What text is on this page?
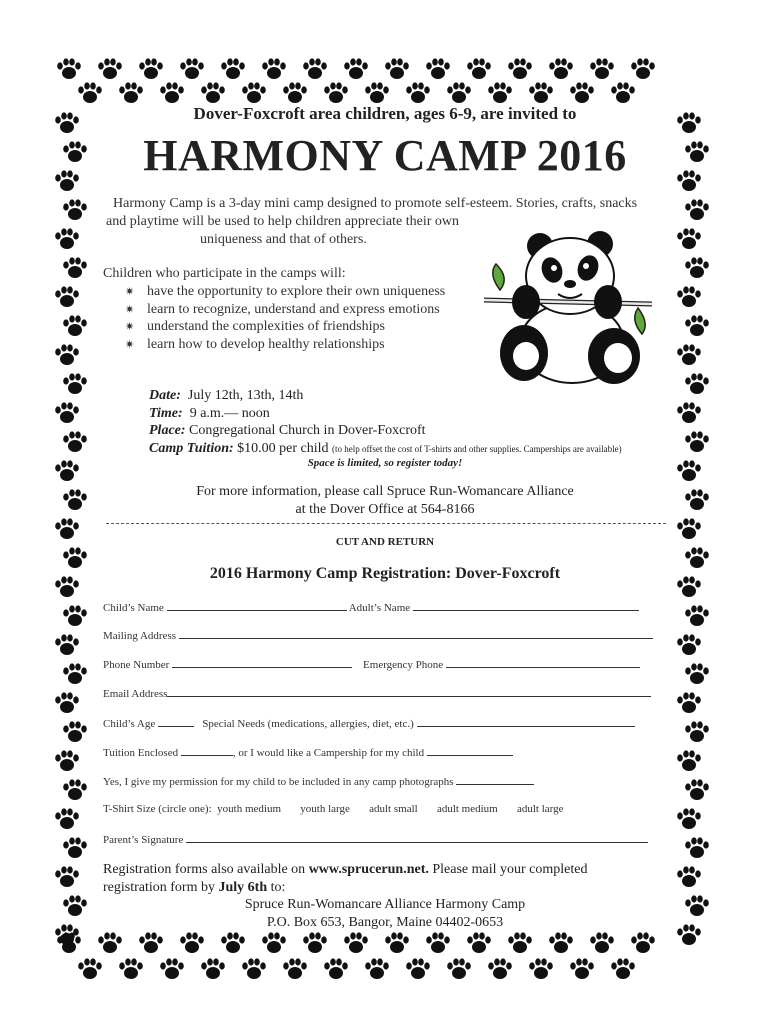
Dover-Foxcroft area children, ages 6-9, are invited to
HARMONY CAMP 2016
Harmony Camp is a 3-day mini camp designed to promote self-esteem. Stories, crafts, snacks
and playtime will be used to help children appreciate their own
uniqueness and that of others.
Children who participate in the camps will:
✷ have the opportunity to explore their own uniqueness
✷ learn to recognize, understand and express emotions
✷ understand the complexities of friendships
✷ learn how to develop healthy relationships
Date: July 12th, 13th, 14th
Time: 9 a.m.— noon
Place: Congregational Church in Dover-Foxcroft
Camp Tuition: $10.00 per child (to help offset the cost of T-shirts and other supplies. Camperships are available)
Space is limited, so register today!
For more information, please call Spruce Run-Womancare Alliance
at the Dover Office at 564-8166
CUT AND RETURN
2016 Harmony Camp Registration: Dover-Foxcroft
Child’s Name	Adult’s Name
Mailing Address
Phone Number	Emergency Phone
Email Address
Child’s Age	Special Needs (medications, allergies, diet, etc.)
Tuition Enclosed	, or I would like a Campership for my child
Yes, I give my permission for my child to be included in any camp photographs
T-Shirt Size (circle one): youth medium youth large adult small adult medium adult large
Parent’s Signature
Registration forms also available on www.sprucerun.net. Please mail your completed
registration form by July 6th to:
Spruce Run-Womancare Alliance Harmony Camp
P.O. Box 653, Bangor, Maine 04402-0653
